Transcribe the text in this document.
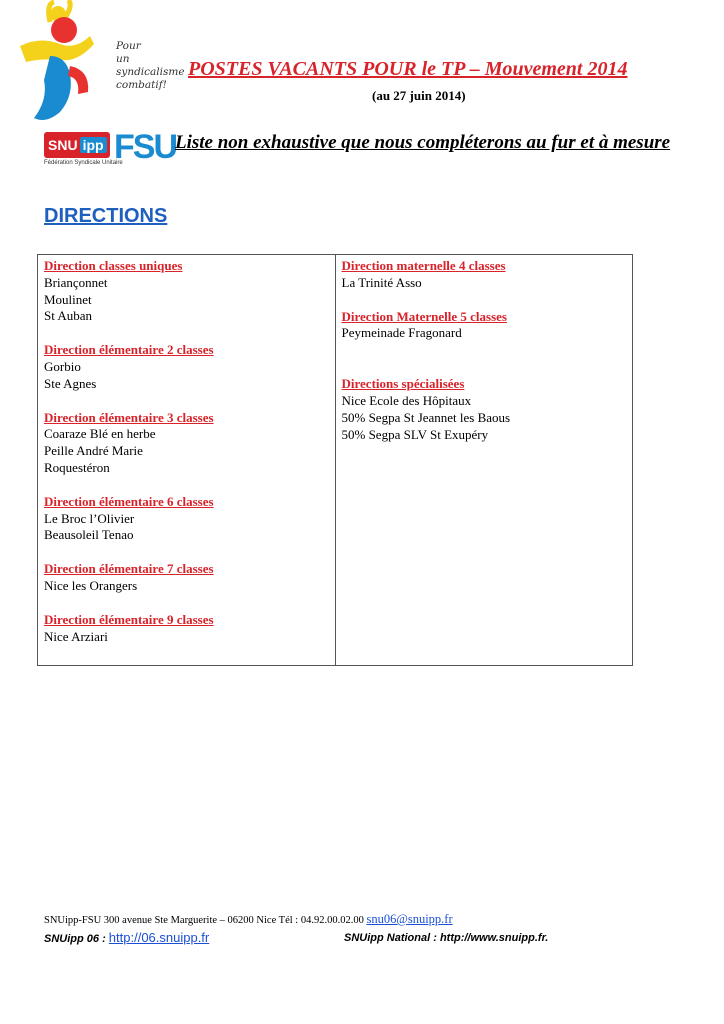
Pour
un
syndicalisme
combatif!
SNU ipp FSU
Fédération Syndicale Unitaire
POSTES VACANTS POUR le TP – Mouvement 2014
(au 27 juin 2014)
Liste non exhaustive que nous compléterons au fur et à mesure
DIRECTIONS
Direction classes uniques
Briançonnet
Moulinet
St Auban
Direction élémentaire 2 classes
Gorbio
Ste Agnes
Direction élémentaire 3 classes
Coaraze Blé en herbe
Peille André Marie
Roquestéron
Direction élémentaire 6 classes
Le Broc l’Olivier
Beausoleil Tenao
Direction élémentaire 7 classes
Nice les Orangers
Direction élémentaire 9 classes
Nice Arziari

Direction maternelle 4 classes
La Trinité Asso
Direction Maternelle 5 classes
Peymeinade Fragonard
Directions spécialisées
Nice Ecole des Hôpitaux
50% Segpa St Jeannet les Baous
50% Segpa SLV St Exupéry
SNUipp-FSU 300 avenue Ste Marguerite – 06200 Nice Tél : 04.92.00.02.00 snu06@snuipp.fr
SNUipp 06 : http://06.snuipp.fr	SNUipp National : http://www.snuipp.fr.
